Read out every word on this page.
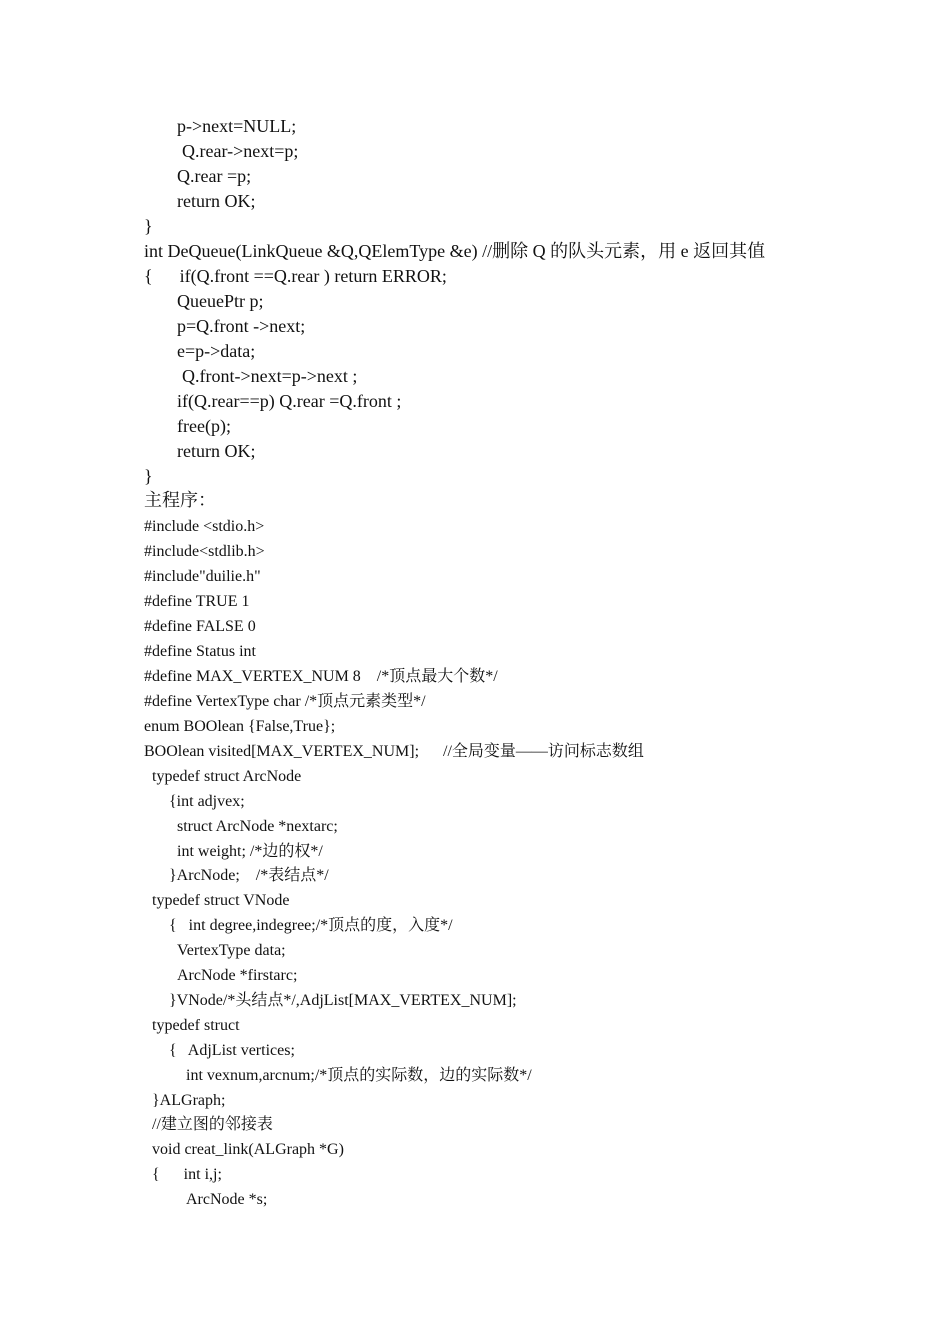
p->next=NULL;
Q.rear->next=p;
Q.rear =p;
return OK;
}
int DeQueue(LinkQueue &Q,QElemType &e) //删除 Q 的队头元素，用 e 返回其值
{      if(Q.front ==Q.rear ) return ERROR;
QueuePtr p;
p=Q.front ->next;
e=p->data;
Q.front->next=p->next ;
if(Q.rear==p) Q.rear =Q.front ;
free(p);
return OK;
}
主程序：
#include <stdio.h>
#include<stdlib.h>
#include"duilie.h"
#define TRUE 1
#define FALSE 0
#define Status int
#define MAX_VERTEX_NUM 8    /*顶点最大个数*/
#define VertexType char /*顶点元素类型*/
enum BOOlean {False,True};
BOOlean visited[MAX_VERTEX_NUM];      //全局变量——访问标志数组
typedef struct ArcNode
{int adjvex;
struct ArcNode *nextarc;
int weight; /*边的权*/
}ArcNode;    /*表结点*/
typedef struct VNode
{   int degree,indegree;/*顶点的度，入度*/
VertexType data;
ArcNode *firstarc;
}VNode/*头结点*/,AdjList[MAX_VERTEX_NUM];
typedef struct
{   AdjList vertices;
int vexnum,arcnum;/*顶点的实际数，边的实际数*/
}ALGraph;
//建立图的邻接表
void creat_link(ALGraph *G)
{      int i,j;
ArcNode *s;
